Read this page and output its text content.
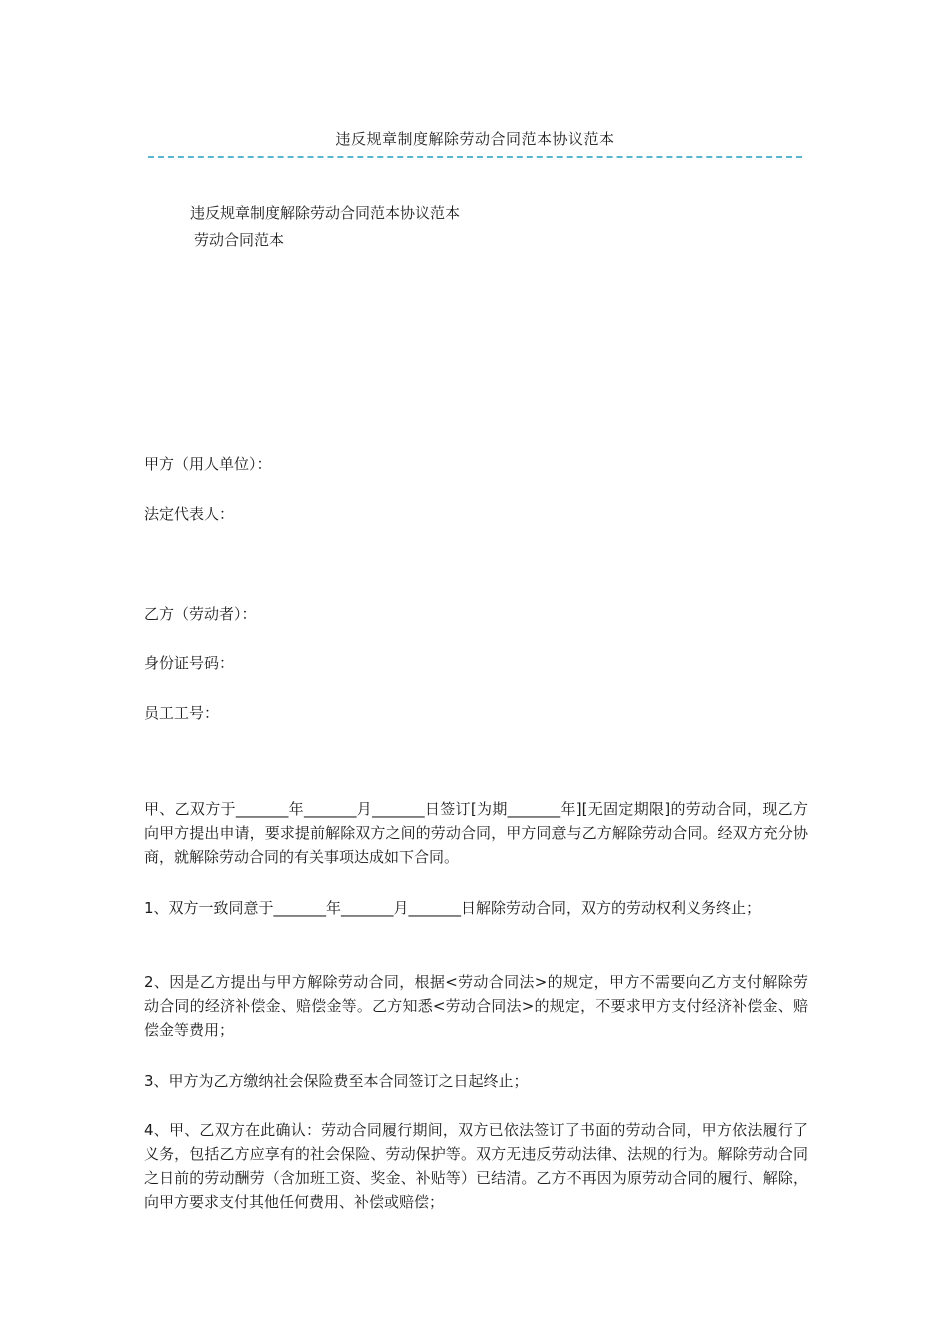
违反规章制度解除劳动合同范本协议范本
违反规章制度解除劳动合同范本协议范本
劳动合同范本
甲方（用人单位）：
法定代表人：
乙方（劳动者）：
身份证号码：
员工工号：
甲、乙双方于_______年_______月_______日签订[为期_______年][无固定期限]的劳动合同，现乙方向甲方提出申请，要求提前解除双方之间的劳动合同，甲方同意与乙方解除劳动合同。经双方充分协商，就解除劳动合同的有关事项达成如下合同。
1、双方一致同意于_______年_______月_______日解除劳动合同，双方的劳动权利义务终止；
2、因是乙方提出与甲方解除劳动合同，根据<劳动合同法>的规定，甲方不需要向乙方支付解除劳动合同的经济补偿金、赔偿金等。乙方知悉<劳动合同法>的规定，不要求甲方支付经济补偿金、赔偿金等费用；
3、甲方为乙方缴纳社会保险费至本合同签订之日起终止；
4、甲、乙双方在此确认：劳动合同履行期间，双方已依法签订了书面的劳动合同，甲方依法履行了义务，包括乙方应享有的社会保险、劳动保护等。双方无违反劳动法律、法规的行为。解除劳动合同之日前的劳动酬劳（含加班工资、奖金、补贴等）已结清。乙方不再因为原劳动合同的履行、解除，向甲方要求支付其他任何费用、补偿或赔偿；
